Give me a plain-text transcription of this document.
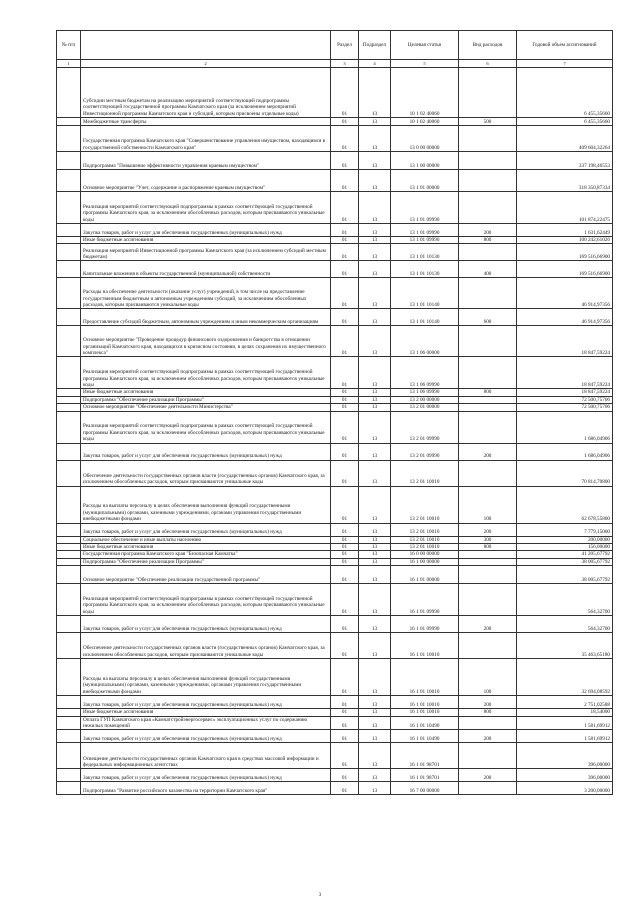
№ п/п		Раздел	Подраздел	Целевая статья	Вид расходов	Годовой объем ассигнований
1	2	3	4	5	6	7
	Субсидии местным бюджетам на реализацию мероприятий соответствующей подпрограммы соответствующей государственной программы Камчатского края (за исключением мероприятий Инвестиционной программы Камчатского края и субсидий, которым присвоены отдельные коды)	01	13	10 1 02 40060		6 455,35660
	Межбюджетные трансферты	01	13	10 1 02 40060	500	6 455,35660
	Государственная программа Камчатского края "Совершенствование управления имуществом, находящимся в государственной собственности Камчатского края"	01	13	13 0 00 00000		409 604,32264
	Подпрограмма "Повышение эффективности управления краевым имуществом"	01	13	13 1 00 00000		337 198,46553
	Основное мероприятие "Учет, содержание и распоряжение краевым имуществом"	01	13	13 1 01 00000		318 350,87334
	Реализация мероприятий соответствующей подпрограммы в рамках соответствующей государственной программы Камчатского края, за исключением обособленных расходов, которым присваиваются уникальные коды	01	13	13 1 01 09990		101 874,22475
	Закупка товаров, работ и услуг для обеспечения государственных (муниципальных) нужд	01	13	13 1 01 09990	200	1 631,62449
	Иные бюджетные ассигнования	01	13	13 1 01 09990	800	100 242,61026
	Реализация мероприятий Инвестиционной программы Камчатского края (за исключением субсидий местным бюджетам)	01	13	13 1 01 10130		169 516,66900
	Капитальные вложения в объекты государственной (муниципальной) собственности	01	13	13 1 01 10130	400	169 516,66900
	Расходы на обеспечение деятельности (оказание услуг) учреждений, в том числе на предоставление государственным бюджетным и автономным учреждениям субсидий, за исключением обособленных расходов, которым присваиваются уникальные коды	01	13	13 1 01 10140		46 914,97356
	Предоставление субсидий бюджетным, автономным учреждениям и иным некоммерческим организациям	01	13	13 1 01 10140	600	46 914,97356
	Основное мероприятие "Проведение процедур финансового оздоровления и банкротства в отношении организаций Камчатского края, находящихся в кризисном состоянии, в целях сохранения их имущественного комплекса"	01	13	13 1 06 00000		18 847,59224
	Реализация мероприятий соответствующей подпрограммы в рамках соответствующей государственной программы Камчатского края, за исключением обособленных расходов, которым присваиваются уникальные коды	01	13	13 1 06 09990		18 847,59224
	Иные бюджетные ассигнования	01	13	13 1 06 09990	800	18 847,59224
	Подпрограмма "Обеспечение реализации Программы"	01	13	13 2 00 00000		72 500,75706
	Основное мероприятие "Обеспечение деятельности Министерства"	01	13	13 2 01 00000		72 500,75706
	Реализация мероприятий соответствующей подпрограммы в рамках соответствующей государственной программы Камчатского края, за исключением обособленных расходов, которым присваиваются уникальные коды	01	13	13 2 01 09990		1 686,04906
	Закупка товаров, работ и услуг для обеспечения государственных (муниципальных) нужд	01	13	13 2 01 09990	200	1 686,04906
	Обеспечение деятельности государственных органов власти (государственных органов) Камчатского края, за исключением обособленных расходов, которым присваиваются уникальные коды	01	13	13 2 01 10010		70 814,70800
	Расходы на выплаты персоналу в целях обеспечения выполнения функций государственными (муниципальными) органами, казенными учреждениями, органами управления государственными внебюджетными фондами	01	13	13 2 01 10010	100	62 678,55800
	Закупка товаров, работ и услуг для обеспечения государственных (муниципальных) нужд	01	13	13 2 01 10010	200	7 779,15000
	Социальное обеспечение и иные выплаты населению	01	13	13 2 01 10010	300	200,00000
	Иные бюджетные ассигнования	01	13	13 2 01 10010	800	156,00000
	Государственная программа Камчатского края "Безопасная Камчатка"	01	13	16 0 00 00000		41 205,67792
	Подпрограмма "Обеспечение реализации Программы"	01	13	16 1 00 00000		38 005,67792
	Основное мероприятие "Обеспечение реализации государственной программы"	01	13	16 1 01 00000		38 005,67792
	Реализация мероприятий соответствующей подпрограммы в рамках соответствующей государственной программы Камчатского края, за исключением обособленных расходов, которым присваиваются уникальные коды	01	13	16 1 01 09990		564,32700
	Закупка товаров, работ и услуг для обеспечения государственных (муниципальных) нужд	01	13	16 1 01 09990	200	564,32700
	Обеспечение деятельности государственных органов власти (государственных органов) Камчатского края, за исключением обособленных расходов, которым присваиваются уникальные коды	01	13	16 1 01 10010		35 463,65180
	Расходы на выплаты персоналу в целях обеспечения выполнения функций государственными (муниципальными) органами, казенными учреждениями, органами управления государственными внебюджетными фондами	01	13	16 1 01 10010	100	32 694,08592
	Закупка товаров, работ и услуг для обеспечения государственных (муниципальных) нужд	01	13	16 1 01 10010	200	2 751,02588
	Иные бюджетные ассигнования	01	13	16 1 01 10010	800	18,54000
	Оплата ГУП Камчатского края «Камчатстройэнергосервис» эксплуатационных услуг по содержанию нежилых помещений	01	13	16 1 01 10490		1 581,69912
	Закупка товаров, работ и услуг для обеспечения государственных (муниципальных) нужд	01	13	16 1 01 10490	200	1 581,69912
	Освещение деятельности государственных органов Камчатского края в средствах массовой информации и федеральных информационных агентствах	01	13	16 1 01 98701		396,00000
	Закупка товаров, работ и услуг для обеспечения государственных (муниципальных) нужд	01	13	16 1 01 98701	200	396,00000
	Подпрограмма "Развитие российского казачества на территории Камчатского края"	01	13	16 7 00 00000		3 200,00000
3
